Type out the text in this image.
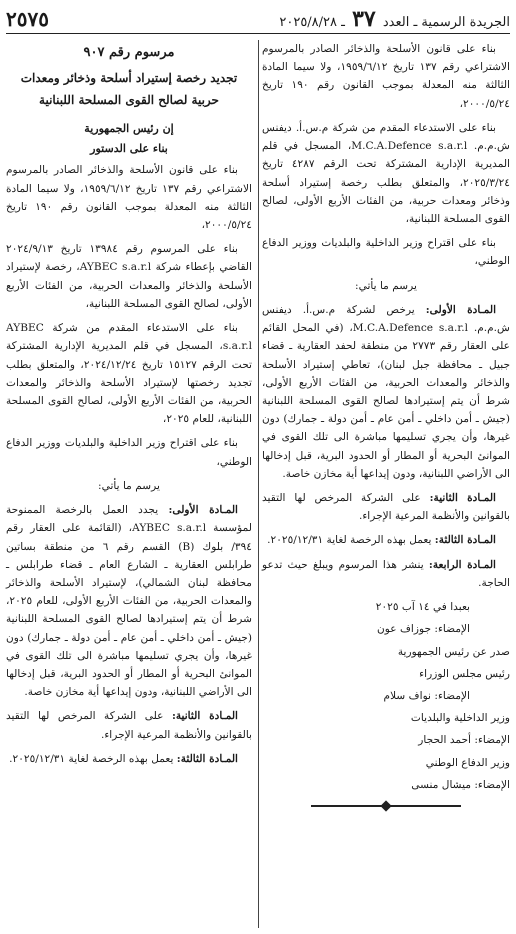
الجريدة الرسمية ـ العدد ٣٧ ـ ٢٠٢٥/٨/٢٨
٢٥٧٥

بناء على قانون الأسلحة والذخائر الصادر بالمرسوم الاشتراعي رقم ١٣٧ تاريخ ١٩٥٩/٦/١٢، ولا سيما المادة الثالثة منه المعدلة بموجب القانون رقم ١٩٠ تاريخ ٢٠٠٠/٥/٢٤،

بناء على الاستدعاء المقدم من شركة م.س.أ. ديفنس ش.م.م. M.C.A.Defence s.a.r.l، المسجل في قلم المديرية الإدارية المشتركة تحت الرقم ٤٢٨٧ تاريخ ٢٠٢٥/٣/٢٤، والمتعلق بطلب رخصة إستيراد أسلحة وذخائر ومعدات حربية، من الفئات الأربع الأولى، لصالح القوى المسلحة اللبنانية،

بناء على اقتراح وزير الداخلية والبلديات ووزير الدفاع الوطني،

يرسم ما يأتي:

المـادة الأولى: يرخص لشركة م.س.أ. ديفنس ش.م.م. M.C.A.Defence s.a.r.l، (في المحل القائم على العقار رقم ٢٧٧٣ من منطقة لحفد العقارية ـ قضاء جبيل ـ محافظة جبل لبنان)، تعاطي إستيراد الأسلحة والذخائر والمعدات الحربية، من الفئات الأربع الأولى، شرط أن يتم إستيرادها لصالح القوى المسلحة اللبنانية (جيش ـ أمن داخلي ـ أمن عام ـ أمن دولة ـ جمارك) دون غيرها، وأن يجري تسليمها مباشرة الى تلك القوى في الموانئ البحرية أو المطار أو الحدود البرية، قبل إدخالها الى الأراضي اللبنانية، ودون إيداعها أية مخازن خاصة.

المـادة الثانية: على الشركة المرخص لها التقيد بالقوانين والأنظمة المرعية الإجراء.

المـادة الثالثة: يعمل بهذه الرخصة لغاية ٢٠٢٥/١٢/٣١.

المـادة الرابعة: ينشر هذا المرسوم ويبلغ حيث تدعو الحاجة.

بعبدا في ١٤ آب ٢٠٢٥

الإمضاء: جوزاف عون

صدر عن رئيس الجمهورية

رئيس مجلس الوزراء

الإمضاء: نواف سلام

وزير الداخلية والبلديات

الإمضاء: أحمد الحجار

وزير الدفاع الوطني

الإمضاء: ميشال منسى

مرسوم رقم ٩٠٧
تجديد رخصة إستيراد أسلحة وذخائر ومعدات حربية لصالح القوى المسلحة اللبنانية

إن رئيس الجمهورية

بناء على الدستور

بناء على قانون الأسلحة والذخائر الصادر بالمرسوم الاشتراعي رقم ١٣٧ تاريخ ١٩٥٩/٦/١٢، ولا سيما المادة الثالثة منه المعدلة بموجب القانون رقم ١٩٠ تاريخ ٢٠٠٠/٥/٢٤،

بناء على المرسوم رقم ١٣٩٨٤ تاريخ ٢٠٢٤/٩/١٣ القاضي بإعطاء شركة AYBEC s.a.r.l، رخصة لإستيراد الأسلحة والذخائر والمعدات الحربية، من الفئات الأربع الأولى، لصالح القوى المسلحة اللبنانية،

بناء على الاستدعاء المقدم من شركة AYBEC s.a.r.l، المسجل في قلم المديرية الإدارية المشتركة تحت الرقم ١٥١٢٧ تاريخ ٢٠٢٤/١٢/٢٤، والمتعلق بطلب تجديد رخصتها لإستيراد الأسلحة والذخائر والمعدات الحربية، من الفئات الأربع الأولى، لصالح القوى المسلحة اللبنانية، للعام ٢٠٢٥،

بناء على اقتراح وزير الداخلية والبلديات ووزير الدفاع الوطني،

يرسم ما يأتي:

المـادة الأولى: يجدد العمل بالرخصة الممنوحة لمؤسسة AYBEC s.a.r.l، (القائمة على العقار رقم ٣٩٤/ بلوك (B) القسم رقم ٦ من منطقة بساتين طرابلس العقارية ـ الشارع العام ـ قضاء طرابلس ـ محافظة لبنان الشمالي)، لإستيراد الأسلحة والذخائر والمعدات الحربية، من الفئات الأربع الأولى، للعام ٢٠٢٥، شرط أن يتم إستيرادها لصالح القوى المسلحة اللبنانية (جيش ـ أمن داخلي ـ أمن عام ـ أمن دولة ـ جمارك) دون غيرها، وأن يجري تسليمها مباشرة الى تلك القوى في الموانئ البحرية أو المطار أو الحدود البرية، قبل إدخالها الى الأراضي اللبنانية، ودون إيداعها أية مخازن خاصة.

المـادة الثانية: على الشركة المرخص لها التقيد بالقوانين والأنظمة المرعية الإجراء.

المـادة الثالثة: يعمل بهذه الرخصة لغاية ٢٠٢٥/١٢/٣١.
